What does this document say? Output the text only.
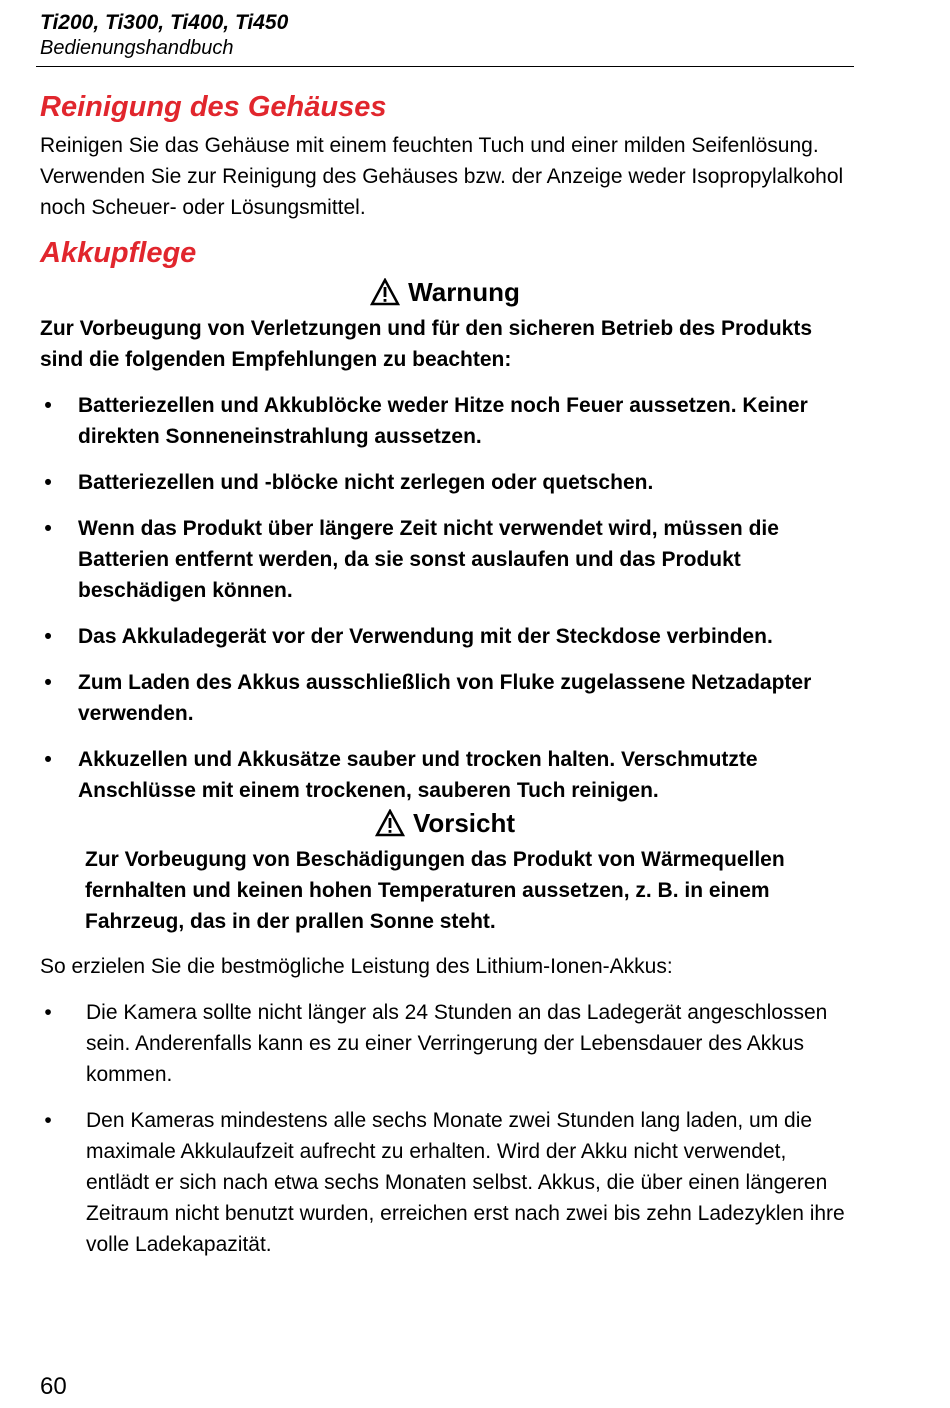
Ti200, Ti300, Ti400, Ti450
Bedienungshandbuch
Reinigung des Gehäuses

Reinigen Sie das Gehäuse mit einem feuchten Tuch und einer milden Seifenlösung. Verwenden Sie zur Reinigung des Gehäuses bzw. der Anzeige weder Isopropylalkohol noch Scheuer- oder Lösungsmittel.

Akkupflege
Warnung

Zur Vorbeugung von Verletzungen und für den sicheren Betrieb des Produkts sind die folgenden Empfehlungen zu beachten:

• Batteriezellen und Akkublöcke weder Hitze noch Feuer aussetzen. Keiner direkten Sonneneinstrahlung aussetzen.
• Batteriezellen und -blöcke nicht zerlegen oder quetschen.
• Wenn das Produkt über längere Zeit nicht verwendet wird, müssen die Batterien entfernt werden, da sie sonst auslaufen und das Produkt beschädigen können.
• Das Akkuladegerät vor der Verwendung mit der Steckdose verbinden.
• Zum Laden des Akkus ausschließlich von Fluke zugelassene Netzadapter verwenden.
• Akkuzellen und Akkusätze sauber und trocken halten. Verschmutzte Anschlüsse mit einem trockenen, sauberen Tuch reinigen.
Vorsicht

Zur Vorbeugung von Beschädigungen das Produkt von Wärmequellen fernhalten und keinen hohen Temperaturen aussetzen, z. B. in einem Fahrzeug, das in der prallen Sonne steht.

So erzielen Sie die bestmögliche Leistung des Lithium-Ionen-Akkus:

• Die Kamera sollte nicht länger als 24 Stunden an das Ladegerät angeschlossen sein. Anderenfalls kann es zu einer Verringerung der Lebensdauer des Akkus kommen.
• Den Kameras mindestens alle sechs Monate zwei Stunden lang laden, um die maximale Akkulaufzeit aufrecht zu erhalten. Wird der Akku nicht verwendet, entlädt er sich nach etwa sechs Monaten selbst. Akkus, die über einen längeren Zeitraum nicht benutzt wurden, erreichen erst nach zwei bis zehn Ladezyklen ihre volle Ladekapazität.
60
